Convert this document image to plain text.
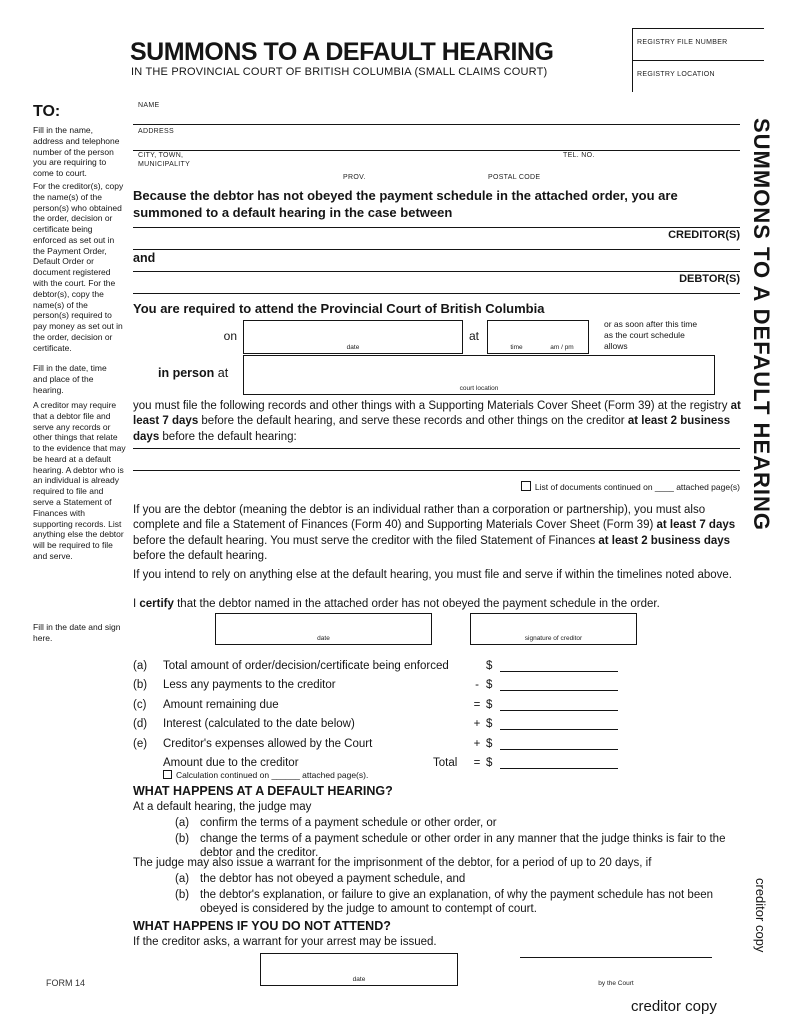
SUMMONS TO A DEFAULT HEARING
IN THE PROVINCIAL COURT OF BRITISH COLUMBIA (SMALL CLAIMS COURT)
REGISTRY FILE NUMBER
REGISTRY LOCATION
TO:
Fill in the name, address and telephone number of the person you are requiring to come to court.
For the creditor(s), copy the name(s) of the person(s) who obtained the order, decision or certificate being enforced as set out in the Payment Order, Default Order or document registered with the court. For the debtor(s), copy the name(s) of the person(s) required to pay money as set out in the order, decision or certificate.
Fill in the date, time and place of the hearing.
A creditor may require that a debtor file and serve any records or other things that relate to the evidence that may be heard at a default hearing. A debtor who is an individual is already required to file and serve a Statement of Finances with supporting records. List anything else the debtor will be required to file and serve.
Fill in the date and sign here.
NAME
ADDRESS
CITY, TOWN,
MUNICIPALITY
TEL. NO.
PROV.	POSTAL CODE
Because the debtor has not obeyed the payment schedule in the attached order, you are summoned to a default hearing in the case between
CREDITOR(S)
and
DEBTOR(S)
You are required to attend the Provincial Court of British Columbia
on
date
at
time	am / pm
or as soon after this time as the court schedule allows
in person at
court location
you must file the following records and other things with a Supporting Materials Cover Sheet (Form 39) at the registry at least 7 days before the default hearing, and serve these records and other things on the creditor at least 2 business days before the default hearing:
List of documents continued on ____ attached page(s)
If you are the debtor (meaning the debtor is an individual rather than a corporation or partnership), you must also complete and file a Statement of Finances (Form 40) and Supporting Materials Cover Sheet (Form 39) at least 7 days before the default hearing. You must serve the creditor with the filed Statement of Finances at least 2 business days before the default hearing.
If you intend to rely on anything else at the default hearing, you must file and serve if within the timelines noted above.
I certify that the debtor named in the attached order has not obeyed the payment schedule in the order.
date	signature of creditor
(a)	Total amount of order/decision/certificate being enforced	$
(b)	Less any payments to the creditor	- $
(c)	Amount remaining due	= $
(d)	Interest (calculated to the date below)	+ $
(e)	Creditor's expenses allowed by the Court	+ $
Amount due to the creditor	Total	= $
Calculation continued on ______ attached page(s).
WHAT HAPPENS AT A DEFAULT HEARING?
At a default hearing, the judge may
(a) confirm the terms of a payment schedule or other order, or
(b) change the terms of a payment schedule or other order in any manner that the judge thinks is fair to the debtor and the creditor.
The judge may also issue a warrant for the imprisonment of the debtor, for a period of up to 20 days, if
(a) the debtor has not obeyed a payment schedule, and
(b) the debtor's explanation, or failure to give an explanation, of why the payment schedule has not been obeyed is considered by the judge to amount to contempt of court.
WHAT HAPPENS IF YOU DO NOT ATTEND?
If the creditor asks, a warrant for your arrest may be issued.
date
by the Court
creditor copy
FORM 14
SUMMONS TO A DEFAULT HEARING
creditor copy
